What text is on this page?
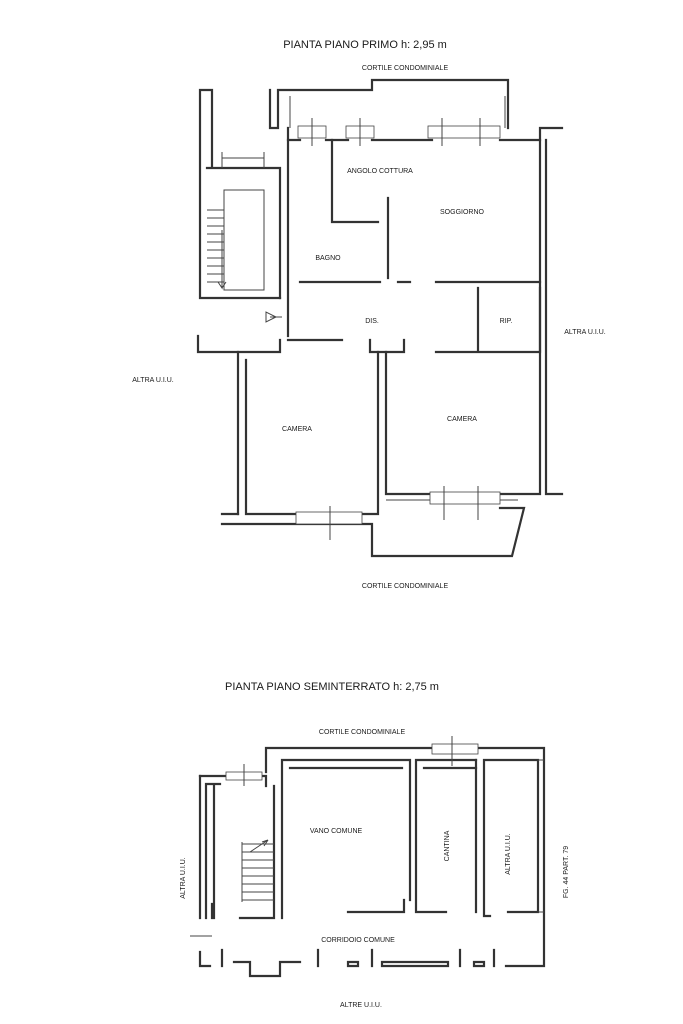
PIANTA PIANO PRIMO h: 2,95 m
CORTILE CONDOMINIALE
ANGOLO COTTURA
SOGGIORNO
BAGNO
DIS.	RIP.
CAMERA
CAMERA
ALTRA U.I.U.
ALTRA U.I.U.
CORTILE CONDOMINIALE
PIANTA PIANO SEMINTERRATO h: 2,75 m
CORTILE CONDOMINIALE
VANO COMUNE	CANTINA	ALTRA U.I.U.
ALTRA U.I.U.	FG. 44 PART. 79
CORRIDOIO COMUNE
ALTRE U.I.U.
